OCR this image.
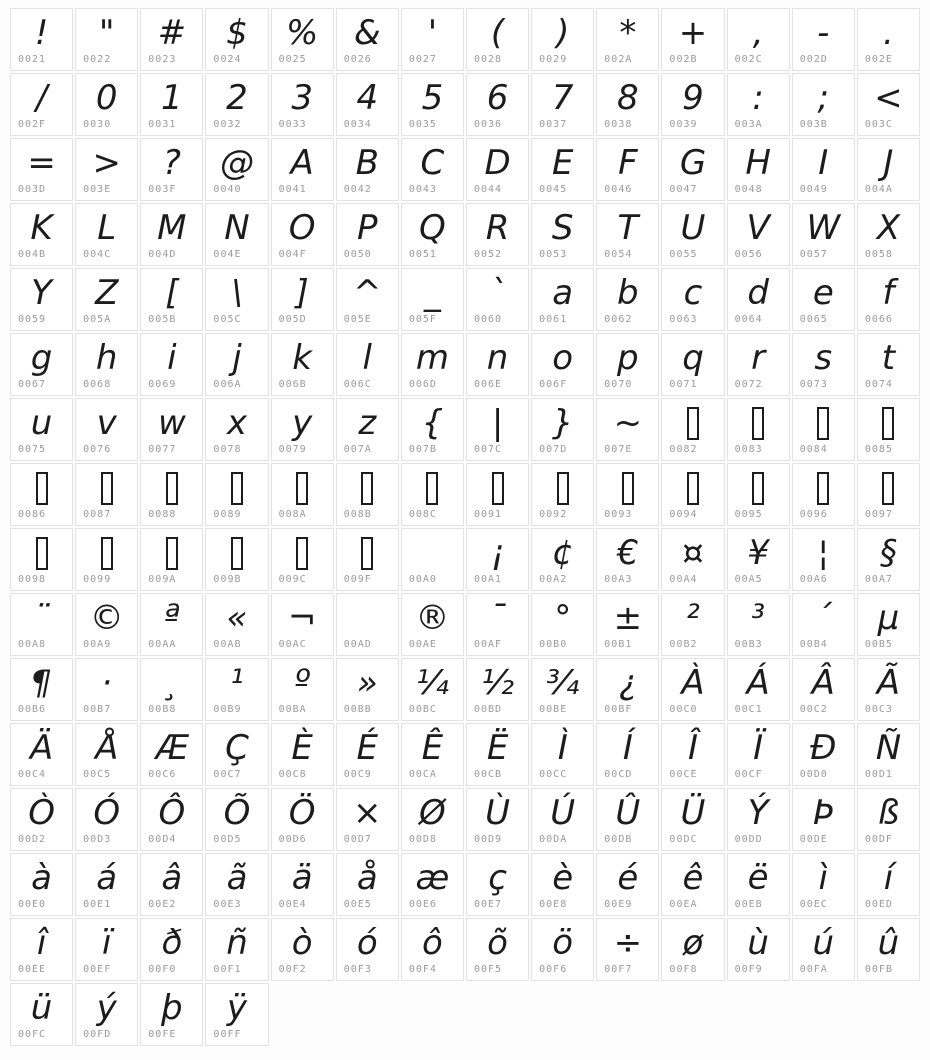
!
0021
"
0022
#
0023
$
0024
%
0025
&
0026
'
0027
(
0028
)
0029
*
002A
+
002B
,
002C
-
002D
.
002E
/
002F
0
0030
1
0031
2
0032
3
0033
4
0034
5
0035
6
0036
7
0037
8
0038
9
0039
:
003A
;
003B
<
003C
=
003D
>
003E
?
003F
@
0040
A
0041
B
0042
C
0043
D
0044
E
0045
F
0046
G
0047
H
0048
I
0049
J
004A
K
004B
L
004C
M
004D
N
004E
O
004F
P
0050
Q
0051
R
0052
S
0053
T
0054
U
0055
V
0056
W
0057
X
0058
Y
0059
Z
005A
[
005B
\
005C
]
005D
^
005E
_
005F
`
0060
a
0061
b
0062
c
0063
d
0064
e
0065
f
0066
g
0067
h
0068
i
0069
j
006A
k
006B
l
006C
m
006D
n
006E
o
006F
p
0070
q
0071
r
0072
s
0073
t
0074
u
0075
v
0076
w
0077
x
0078
y
0079
z
007A
{
007B
|
007C
}
007D
~
007E	0082	0083	0084	0085
0086	0087	0088	0089	008A	008B	008C	0091	0092	0093	0094	0095	0096	0097
0098	0099	009A	009B	009C	009F	00A0
¡
00A1
¢
00A2
€
00A3
¤
00A4
¥
00A5
¦
00A6
§
00A7
¨
00A8
©
00A9
ª
00AA
«
00AB
¬
00AC	00AD
®
00AE
¯
00AF
°
00B0
±
00B1
²
00B2
³
00B3
´
00B4
µ
00B5
¶
00B6
·
00B7
¸
00B8
¹
00B9
º
00BA
»
00BB
¼
00BC
½
00BD
¾
00BE
¿
00BF
À
00C0
Á
00C1
Â
00C2
Ã
00C3
Ä
00C4
Å
00C5
Æ
00C6
Ç
00C7
È
00C8
É
00C9
Ê
00CA
Ë
00CB
Ì
00CC
Í
00CD
Î
00CE
Ï
00CF
Ð
00D0
Ñ
00D1
Ò
00D2
Ó
00D3
Ô
00D4
Õ
00D5
Ö
00D6
×
00D7
Ø
00D8
Ù
00D9
Ú
00DA
Û
00DB
Ü
00DC
Ý
00DD
Þ
00DE
ß
00DF
à
00E0
á
00E1
â
00E2
ã
00E3
ä
00E4
å
00E5
æ
00E6
ç
00E7
è
00E8
é
00E9
ê
00EA
ë
00EB
ì
00EC
í
00ED
î
00EE
ï
00EF
ð
00F0
ñ
00F1
ò
00F2
ó
00F3
ô
00F4
õ
00F5
ö
00F6
÷
00F7
ø
00F8
ù
00F9
ú
00FA
û
00FB
ü
00FC
ý
00FD
þ
00FE
ÿ
00FF
